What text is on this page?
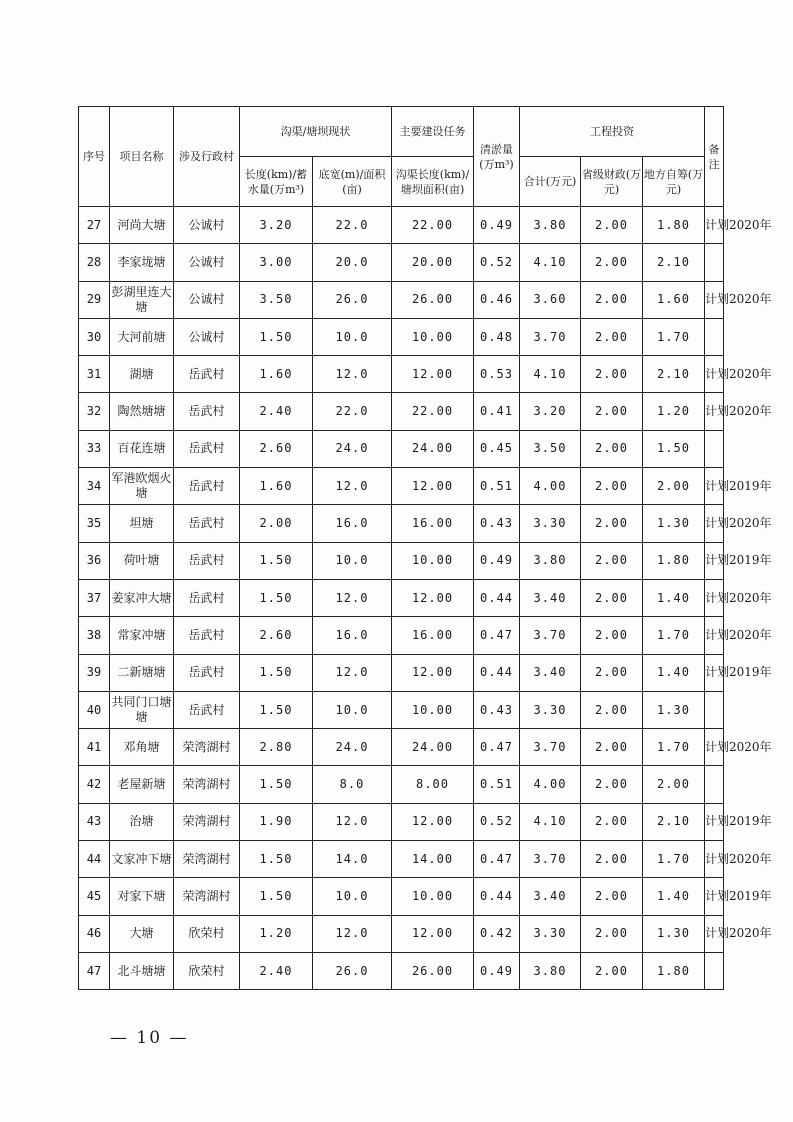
序号	项目名称	涉及行政村	沟渠/塘坝现状		主要建设任务	清淤量(万m³)	工程投资			备注
			长度(km)/蓄水量(万m³)	底宽(m)/面积(亩)	沟渠长度(km)/塘坝面积(亩)		合计(万元)	省级财政(万元)	地方自筹(万元)	
27	河尚大塘	公诚村	3.20	22.0	22.00	0.49	3.80	2.00	1.80	计划2020年
28	李家垅塘	公诚村	3.00	20.0	20.00	0.52	4.10	2.00	2.10	
29	彭湖里连大塘	公诚村	3.50	26.0	26.00	0.46	3.60	2.00	1.60	计划2020年
30	大河前塘	公诚村	1.50	10.0	10.00	0.48	3.70	2.00	1.70	
31	湖塘	岳武村	1.60	12.0	12.00	0.53	4.10	2.00	2.10	计划2020年
32	陶然塘塘	岳武村	2.40	22.0	22.00	0.41	3.20	2.00	1.20	计划2020年
33	百花连塘	岳武村	2.60	24.0	24.00	0.45	3.50	2.00	1.50	
34	军港欧烟火塘	岳武村	1.60	12.0	12.00	0.51	4.00	2.00	2.00	计划2019年
35	坦塘	岳武村	2.00	16.0	16.00	0.43	3.30	2.00	1.30	计划2020年
36	荷叶塘	岳武村	1.50	10.0	10.00	0.49	3.80	2.00	1.80	计划2019年
37	姜家冲大塘	岳武村	1.50	12.0	12.00	0.44	3.40	2.00	1.40	计划2020年
38	常家冲塘	岳武村	2.60	16.0	16.00	0.47	3.70	2.00	1.70	计划2020年
39	二新塘塘	岳武村	1.50	12.0	12.00	0.44	3.40	2.00	1.40	计划2019年
40	共同门口塘塘	岳武村	1.50	10.0	10.00	0.43	3.30	2.00	1.30	
41	邓角塘	荣湾湖村	2.80	24.0	24.00	0.47	3.70	2.00	1.70	计划2020年
42	老屋新塘	荣湾湖村	1.50	8.0	8.00	0.51	4.00	2.00	2.00	
43	治塘	荣湾湖村	1.90	12.0	12.00	0.52	4.10	2.00	2.10	计划2019年
44	文家冲下塘	荣湾湖村	1.50	14.0	14.00	0.47	3.70	2.00	1.70	计划2020年
45	对家下塘	荣湾湖村	1.50	10.0	10.00	0.44	3.40	2.00	1.40	计划2019年
46	大塘	欣荣村	1.20	12.0	12.00	0.42	3.30	2.00	1.30	计划2020年
47	北斗塘塘	欣荣村	2.40	26.0	26.00	0.49	3.80	2.00	1.80	
— 10 —
